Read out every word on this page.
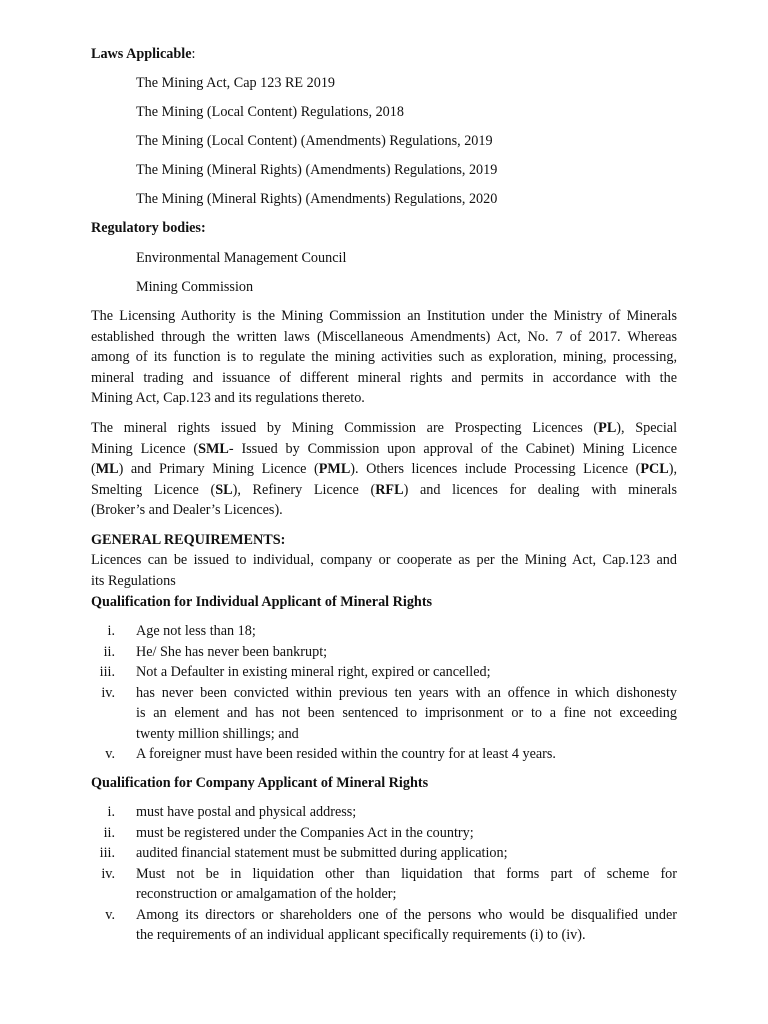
Laws Applicable:
The Mining Act, Cap 123 RE 2019
The Mining (Local Content) Regulations, 2018
The Mining (Local Content) (Amendments) Regulations, 2019
The Mining (Mineral Rights) (Amendments) Regulations, 2019
The Mining (Mineral Rights) (Amendments) Regulations, 2020
Regulatory bodies:
Environmental Management Council
Mining Commission
The Licensing Authority is the Mining Commission an Institution under the Ministry of Minerals
established through the written laws (Miscellaneous Amendments) Act, No. 7 of 2017. Whereas
among of its function is to regulate the mining activities such as exploration, mining, processing,
mineral trading and issuance of different mineral rights and permits in accordance with the
Mining Act, Cap.123 and its regulations thereto.
The mineral rights issued by Mining Commission are Prospecting Licences (PL), Special
Mining Licence (SML- Issued by Commission upon approval of the Cabinet) Mining Licence
(ML) and Primary Mining Licence (PML). Others licences include Processing Licence (PCL),
Smelting Licence (SL), Refinery Licence (RFL) and licences for dealing with minerals
(Broker’s and Dealer’s Licences).
GENERAL REQUIREMENTS:
Licences can be issued to individual, company or cooperate as per the Mining Act, Cap.123 and
its Regulations
Qualification for Individual Applicant of Mineral Rights
i. Age not less than 18;
ii. He/ She has never been bankrupt;
iii. Not a Defaulter in existing mineral right, expired or cancelled;
iv. has never been convicted within previous ten years with an offence in which dishonesty
is an element and has not been sentenced to imprisonment or to a fine not exceeding
twenty million shillings; and
v. A foreigner must have been resided within the country for at least 4 years.
Qualification for Company Applicant of Mineral Rights
i. must have postal and physical address;
ii. must be registered under the Companies Act in the country;
iii. audited financial statement must be submitted during application;
iv. Must not be in liquidation other than liquidation that forms part of scheme for
reconstruction or amalgamation of the holder;
v. Among its directors or shareholders one of the persons who would be disqualified under
the requirements of an individual applicant specifically requirements (i) to (iv).
